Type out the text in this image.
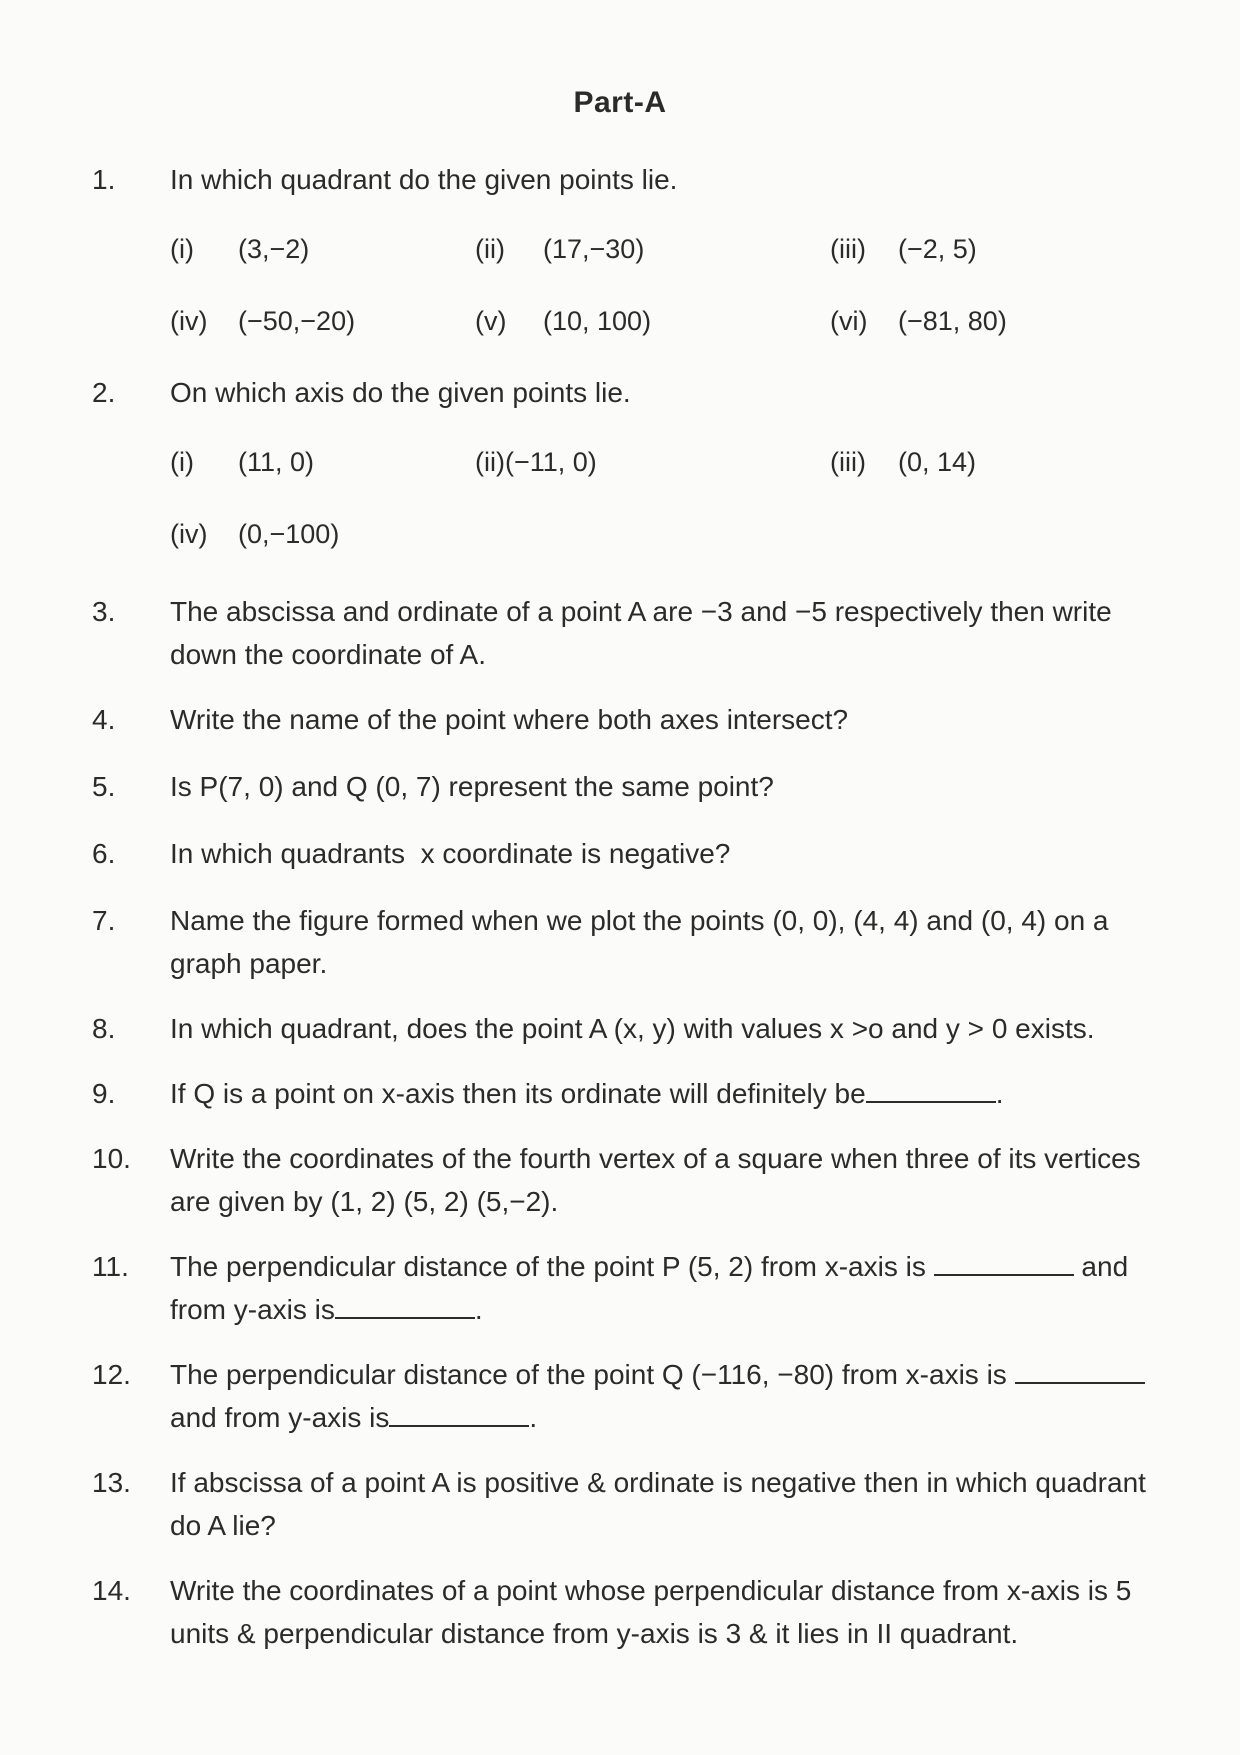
Part-A
1.	In which quadrant do the given points lie.
(i)	(3,−2)	(ii)	(17,−30)	(iii)	(−2, 5)
(iv)	(−50,−20)	(v)	(10, 100)	(vi)	(−81, 80)
2.	On which axis do the given points lie.
(i)	(11, 0)	(ii) (−11, 0)	(iii)	(0, 14)
(iv)	(0,−100)
3.	The abscissa and ordinate of a point A are −3 and −5 respectively then write down the coordinate of A.
4.	Write the name of the point where both axes intersect?
5.	Is P(7, 0) and Q (0, 7) represent the same point?
6.	In which quadrants  x coordinate is negative?
7.	Name the figure formed when we plot the points (0, 0), (4, 4) and (0, 4) on a graph paper.
8.	In which quadrant, does the point A (x, y) with values x >o and y > 0 exists.
9.	If Q is a point on x-axis then its ordinate will definitely be	.
10.	Write the coordinates of the fourth vertex of a square when three of its vertices are given by (1, 2) (5, 2) (5,−2).
11.	The perpendicular distance of the point P (5, 2) from x-axis is	and from y-axis is	.
12.	The perpendicular distance of the point Q (−116, −80) from x-axis is and from y-axis is	.
13.	If abscissa of a point A is positive & ordinate is negative then in which quadrant do A lie?
14.	Write the coordinates of a point whose perpendicular distance from x-axis is 5 units & perpendicular distance from y-axis is 3 & it lies in II quadrant.
